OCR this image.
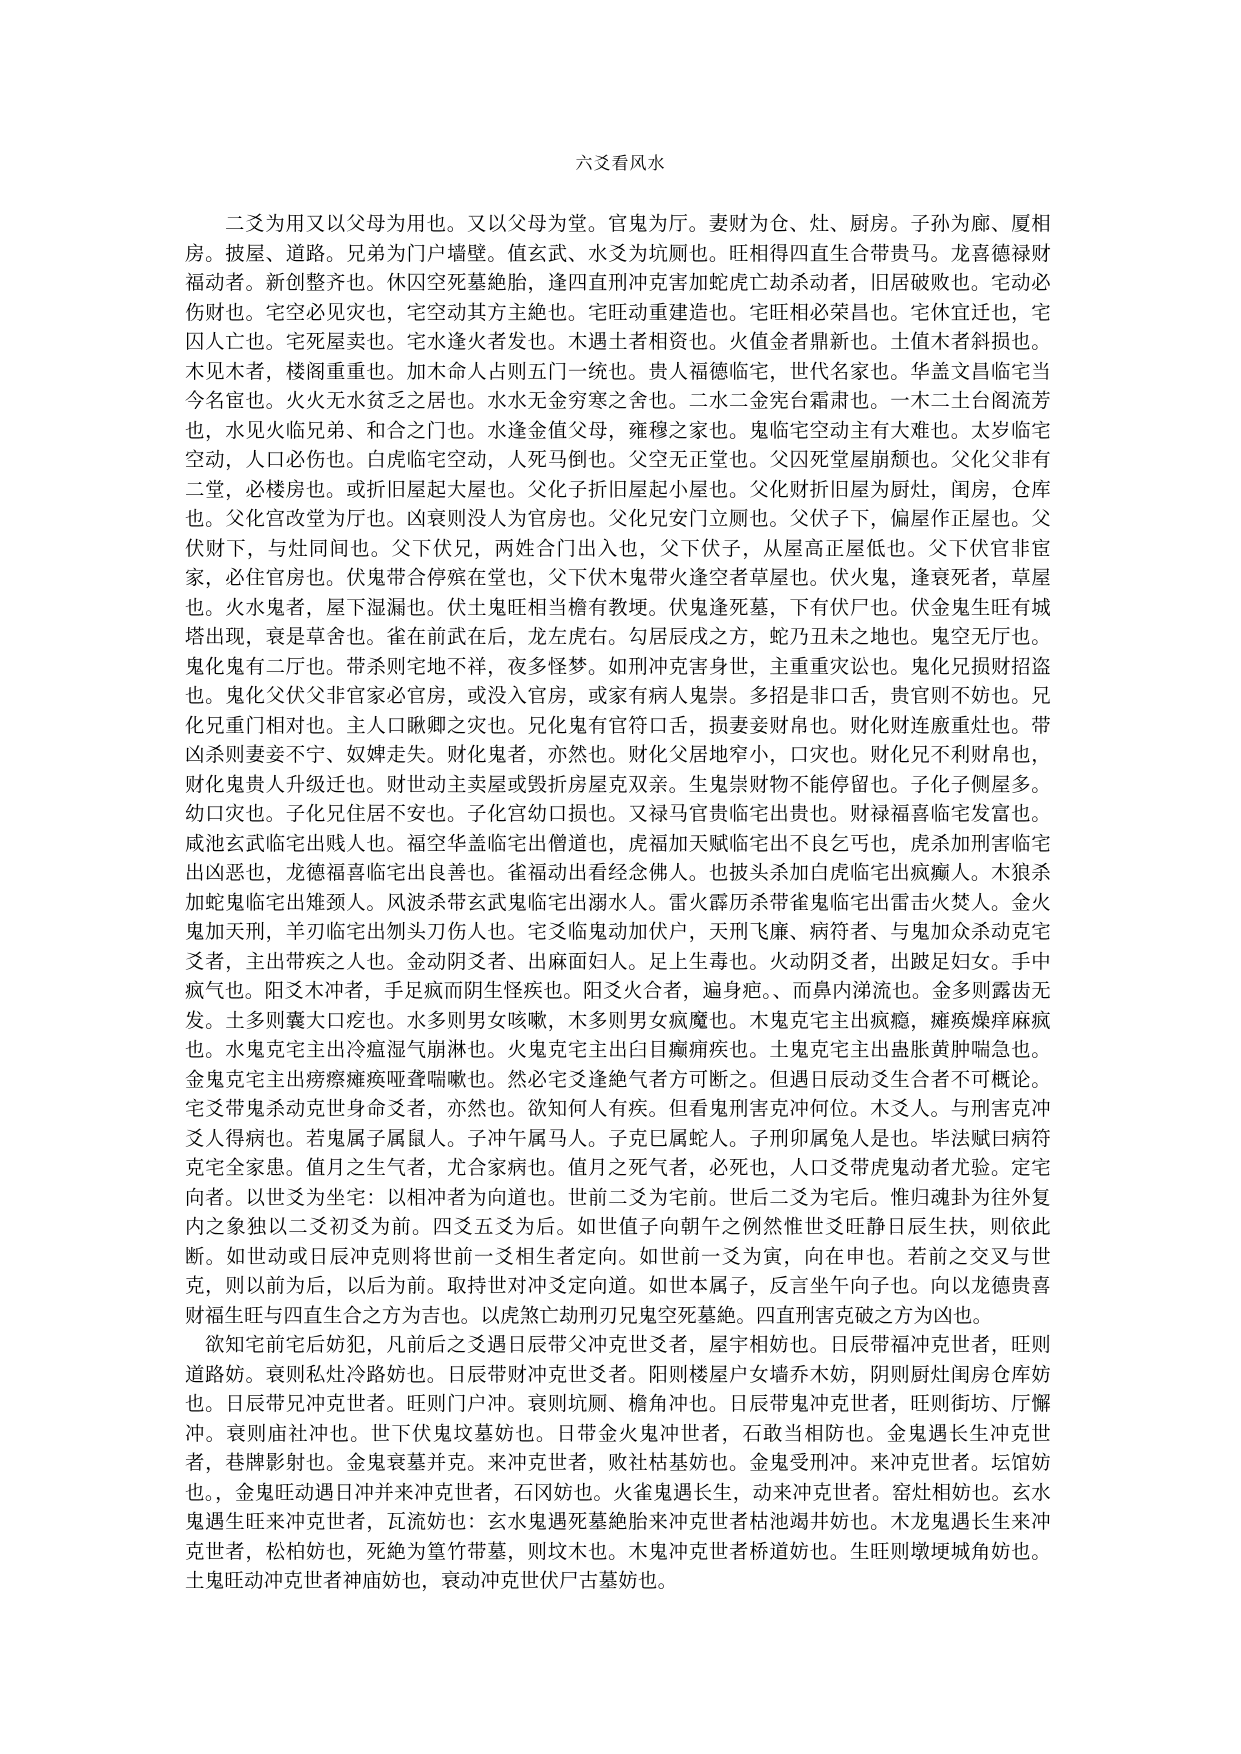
六爻看风水

二爻为用又以父母为用也。又以父母为堂。官鬼为厅。妻财为仓、灶、厨房。子孙为廊、厦相房。披屋、道路。兄弟为门户墙壁。值玄武、水爻为坑厕也。旺相得四直生合带贵马。龙喜德禄财福动者。新创整齐也。休囚空死墓絶胎，逢四直刑冲克害加蛇虎亡劫杀动者，旧居破败也。宅动必伤财也。宅空必见灾也，宅空动其方主絶也。宅旺动重建造也。宅旺相必荣昌也。宅休宜迁也，宅囚人亡也。宅死屋卖也。宅水逢火者发也。木遇土者相资也。火值金者鼎新也。土值木者斜损也。木见木者，楼阁重重也。加木命人占则五门一统也。贵人福德临宅，世代名家也。华盖文昌临宅当今名宦也。火火无水贫乏之居也。水水无金穷寒之舍也。二水二金宪台霜肃也。一木二土台阁流芳也，水见火临兄弟、和合之门也。水逢金值父母，雍穆之家也。鬼临宅空动主有大难也。太岁临宅空动，人口必伤也。白虎临宅空动，人死马倒也。父空无正堂也。父囚死堂屋崩颓也。父化父非有二堂，必楼房也。或折旧屋起大屋也。父化子折旧屋起小屋也。父化财折旧屋为厨灶，闺房，仓库也。父化宫改堂为厅也。凶衰则没人为官房也。父化兄安门立厕也。父伏子下，偏屋作正屋也。父伏财下，与灶同间也。父下伏兄，两姓合门出入也，父下伏子，从屋高正屋低也。父下伏官非宦家，必住官房也。伏鬼带合停殡在堂也，父下伏木鬼带火逢空者草屋也。伏火鬼，逢衰死者，草屋也。火水鬼者，屋下湿漏也。伏土鬼旺相当檐有教埂。伏鬼逢死墓，下有伏尸也。伏金鬼生旺有城塔出现，衰是草舍也。雀在前武在后，龙左虎右。勾居辰戌之方，蛇乃丑未之地也。鬼空无厅也。鬼化鬼有二厅也。带杀则宅地不祥，夜多怪梦。如刑冲克害身世，主重重灾讼也。鬼化兄损财招盗也。鬼化父伏父非官家必官房，或没入官房，或家有病人鬼崇。多招是非口舌，贵官则不妨也。兄化兄重门相对也。主人口瞅卿之灾也。兄化鬼有官符口舌，损妻妾财帛也。财化财连廒重灶也。带凶杀则妻妾不宁、奴婢走失。财化鬼者，亦然也。财化父居地窄小，口灾也。财化兄不利财帛也，财化鬼贵人升级迁也。财世动主卖屋或毁折房屋克双亲。生鬼崇财物不能停留也。子化子侧屋多。幼口灾也。子化兄住居不安也。子化宫幼口损也。又禄马官贵临宅出贵也。财禄福喜临宅发富也。咸池玄武临宅出贱人也。福空华盖临宅出僧道也，虎福加天赋临宅出不良乞丐也，虎杀加刑害临宅出凶恶也，龙德福喜临宅出良善也。雀福动出看经念佛人。也披头杀加白虎临宅出疯癫人。木狼杀加蛇鬼临宅出雉颈人。风波杀带玄武鬼临宅出溺水人。雷火霹历杀带雀鬼临宅出雷击火焚人。金火鬼加天刑，羊刃临宅出刎头刀伤人也。宅爻临鬼动加伏户，天刑飞廉、病符者、与鬼加众杀动克宅爻者，主出带疾之人也。金动阴爻者、出麻面妇人。足上生毒也。火动阴爻者，出跛足妇女。手中疯气也。阳爻木冲者，手足疯而阴生怪疾也。阳爻火合者，遍身疤。、而鼻内涕流也。金多则露齿无发。土多则囊大口疙也。水多则男女咳嗽，木多则男女疯魔也。木鬼克宅主出疯瘾，瘫痪燥痒麻疯也。水鬼克宅主出冷瘟湿气崩淋也。火鬼克宅主出臼目癫痈疾也。土鬼克宅主出蛊胀黄肿喘急也。金鬼克宅主出痨瘵瘫痪哑聋喘嗽也。然必宅爻逢絶气者方可断之。但遇日辰动爻生合者不可概论。宅爻带鬼杀动克世身命爻者，亦然也。欲知何人有疾。但看鬼刑害克冲何位。木爻人。与刑害克冲爻人得病也。若鬼属子属鼠人。子冲午属马人。子克巳属蛇人。子刑卯属兔人是也。毕法赋曰病符克宅全家患。值月之生气者，尤合家病也。值月之死气者，必死也，人口爻带虎鬼动者尤验。定宅向者。以世爻为坐宅：以相冲者为向道也。世前二爻为宅前。世后二爻为宅后。惟归魂卦为往外复内之象独以二爻初爻为前。四爻五爻为后。如世值子向朝午之例然惟世爻旺静日辰生扶，则依此断。如世动或日辰冲克则将世前一爻相生者定向。如世前一爻为寅，向在申也。若前之交叉与世克，则以前为后，以后为前。取持世对冲爻定向道。如世本属子，反言坐午向子也。向以龙德贵喜财福生旺与四直生合之方为吉也。以虎煞亡劫刑刃兄鬼空死墓絶。四直刑害克破之方为凶也。

欲知宅前宅后妨犯，凡前后之爻遇日辰带父冲克世爻者，屋宇相妨也。日辰带福冲克世者，旺则道路妨。衰则私灶冷路妨也。日辰带财冲克世爻者。阳则楼屋户女墙乔木妨，阴则厨灶闺房仓库妨也。日辰带兄冲克世者。旺则门户冲。衰则坑厕、檐角冲也。日辰带鬼冲克世者，旺则街坊、厅懈冲。衰则庙社冲也。世下伏鬼坟墓妨也。日带金火鬼冲世者，石敢当相防也。金鬼遇长生冲克世者，巷牌影射也。金鬼衰墓并克。来冲克世者，败社枯基妨也。金鬼受刑冲。来冲克世者。坛馆妨也。，金鬼旺动遇日冲并来冲克世者，石冈妨也。火雀鬼遇长生，动来冲克世者。窑灶相妨也。玄水鬼遇生旺来冲克世者，瓦流妨也：玄水鬼遇死墓絶胎来冲克世者枯池竭井妨也。木龙鬼遇长生来冲克世者，松柏妨也，死絶为篁竹带墓，则坟木也。木鬼冲克世者桥道妨也。生旺则墩埂城角妨也。土鬼旺动冲克世者神庙妨也，衰动冲克世伏尸古墓妨也。
